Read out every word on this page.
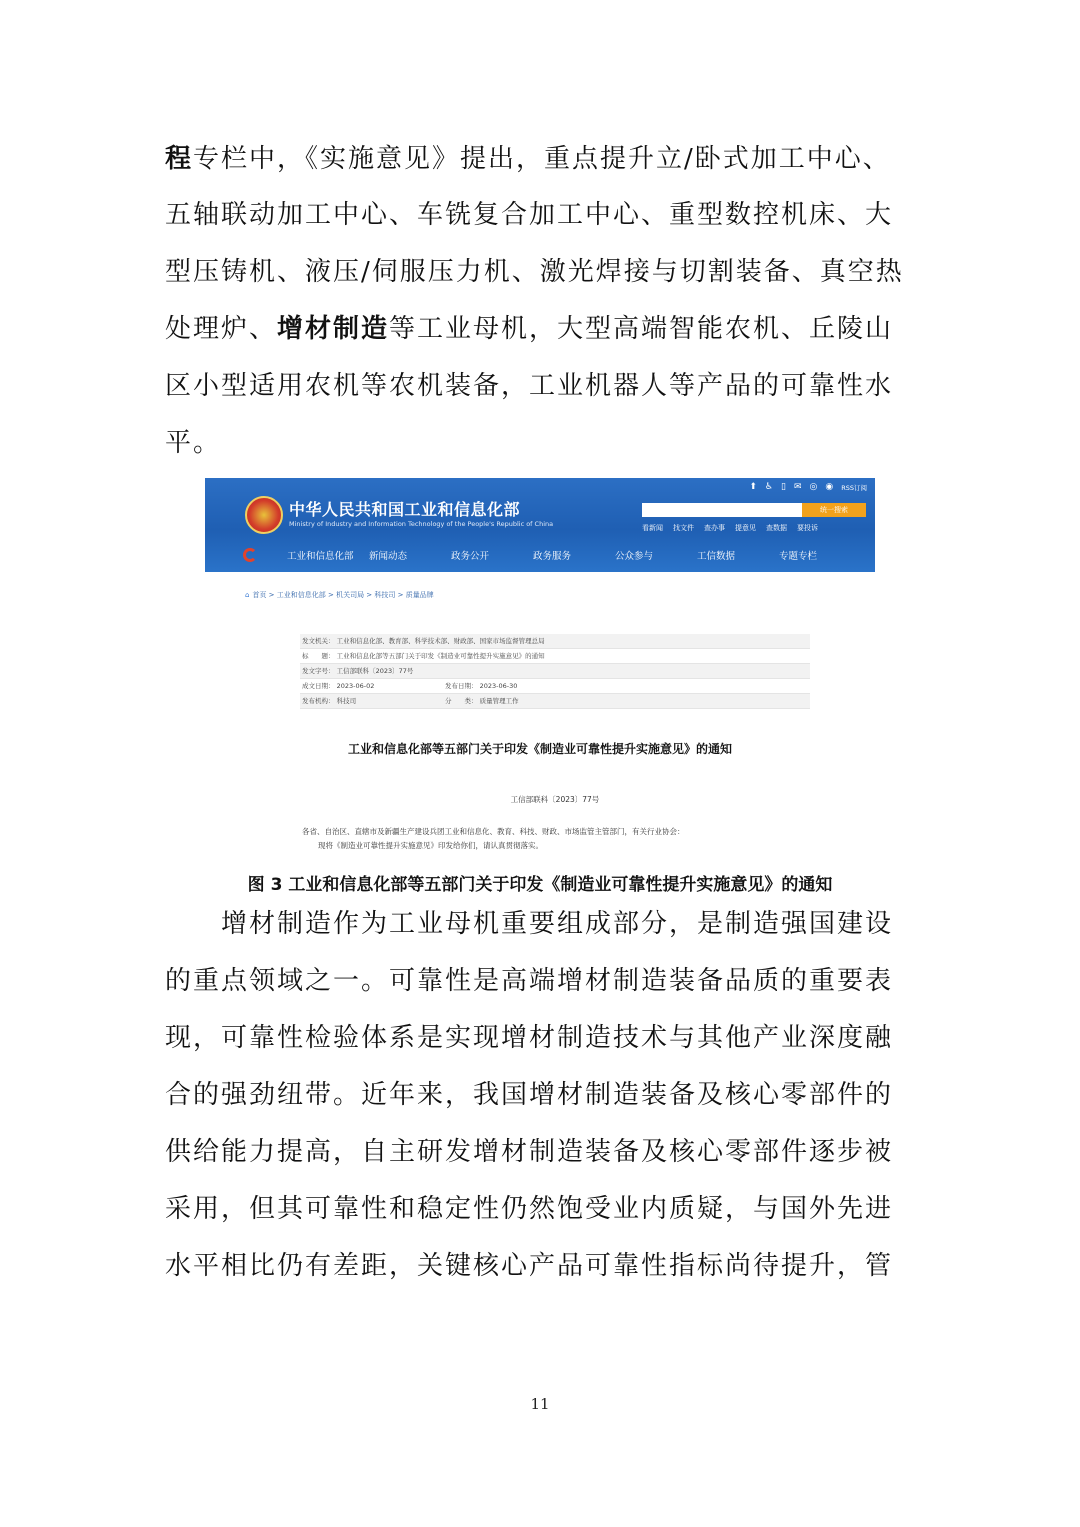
程专栏中，《实施意见》提出，重点提升立/卧式加工中心、
五轴联动加工中心、车铣复合加工中心、重型数控机床、大
型压铸机、液压/伺服压力机、激光焊接与切割装备、真空热
处理炉、增材制造等工业母机，大型高端智能农机、丘陵山
区小型适用农机等农机装备，工业机器人等产品的可靠性水
平。
中华人民共和国工业和信息化部
Ministry of Industry and Information Technology of the People's Republic of China
⬆ ♿ ▯ ✉ ◎ ◉ RSS订阅
统一搜索
看新闻 找文件 查办事 提意见 查数据 要投诉
工业和信息化部	新闻动态	政务公开	政务服务	公众参与	工信数据	专题专栏
⌂ 首页 > 工业和信息化部 > 机关司局 > 科技司 > 质量品牌
发文机关： 工业和信息化部、教育部、科学技术部、财政部、国家市场监督管理总局
标　　题： 工业和信息化部等五部门关于印发《制造业可靠性提升实施意见》的通知
发文字号： 工信部联科〔2023〕77号
成文日期： 2023-06-02	发布日期： 2023-06-30
发布机构： 科技司	分　　类： 质量管理工作
工业和信息化部等五部门关于印发《制造业可靠性提升实施意见》的通知
工信部联科〔2023〕77号
各省、自治区、直辖市及新疆生产建设兵团工业和信息化、教育、科技、财政、市场监管主管部门，有关行业协会：
现将《制造业可靠性提升实施意见》印发给你们，请认真贯彻落实。
图 3 工业和信息化部等五部门关于印发《制造业可靠性提升实施意见》的通知
增材制造作为工业母机重要组成部分，是制造强国建设
的重点领域之一。可靠性是高端增材制造装备品质的重要表
现，可靠性检验体系是实现增材制造技术与其他产业深度融
合的强劲纽带。近年来，我国增材制造装备及核心零部件的
供给能力提高，自主研发增材制造装备及核心零部件逐步被
采用，但其可靠性和稳定性仍然饱受业内质疑，与国外先进
水平相比仍有差距，关键核心产品可靠性指标尚待提升，管
11
